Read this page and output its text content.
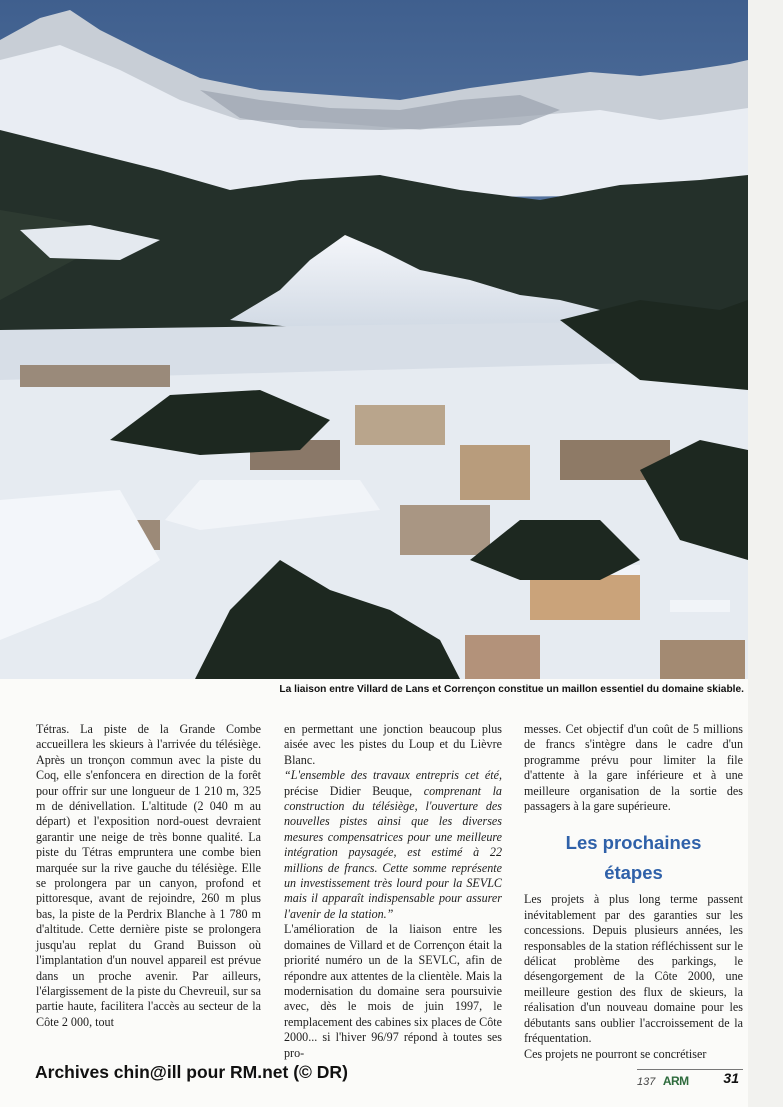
La liaison entre Villard de Lans et Corrençon constitue un maillon essentiel du domaine skiable.

Tétras. La piste de la Grande Combe accueillera les skieurs à l'arrivée du télésiège. Après un tronçon commun avec la piste du Coq, elle s'enfoncera en direction de la forêt pour offrir sur une longueur de 1 210 m, 325 m de dénivellation. L'altitude (2 040 m au départ) et l'exposition nord-ouest devraient garantir une neige de très bonne qualité. La piste du Tétras empruntera une combe bien marquée sur la rive gauche du télésiège. Elle se prolongera par un canyon, profond et pittoresque, avant de rejoindre, 260 m plus bas, la piste de la Perdrix Blanche à 1 780 m d'altitude. Cette dernière piste se prolongera jusqu'au replat du Grand Buisson où l'implantation d'un nouvel appareil est prévue dans un proche avenir. Par ailleurs, l'élargissement de la piste du Chevreuil, sur sa partie haute, facilitera l'accès au secteur de la Côte 2 000, tout

en permettant une jonction beaucoup plus aisée avec les pistes du Loup et du Lièvre Blanc.

“L'ensemble des travaux entrepris cet été, précise Didier Beuque, comprenant la construction du télésiège, l'ouverture des nouvelles pistes ainsi que les diverses mesures compensatrices pour une meilleure intégration paysagée, est estimé à 22 millions de francs. Cette somme représente un investissement très lourd pour la SEVLC mais il apparaît indispensable pour assurer l'avenir de la station.”

L'amélioration de la liaison entre les domaines de Villard et de Corrençon était la priorité numéro un de la SEVLC, afin de répondre aux attentes de la clientèle. Mais la modernisation du domaine sera poursuivie avec, dès le mois de juin 1997, le remplacement des cabines six places de Côte 2000... si l'hiver 96/97 répond à toutes ses pro-

messes. Cet objectif d'un coût de 5 millions de francs s'intègre dans le cadre d'un programme prévu pour limiter la file d'attente à la gare inférieure et à une meilleure organisation de la sortie des passagers à la gare supérieure.

Les prochaines
étapes

Les projets à plus long terme passent inévitablement par des garanties sur les concessions. Depuis plusieurs années, les responsables de la station réfléchissent sur le délicat problème des parkings, le désengorgement de la Côte 2000, une meilleure gestion des flux de skieurs, la réalisation d'un nouveau domaine pour les débutants sans oublier l'accroissement de la fréquentation.

Ces projets ne pourront se concrétiser

Archives chin@ill pour RM.net (© DR)	137 ARM 31
